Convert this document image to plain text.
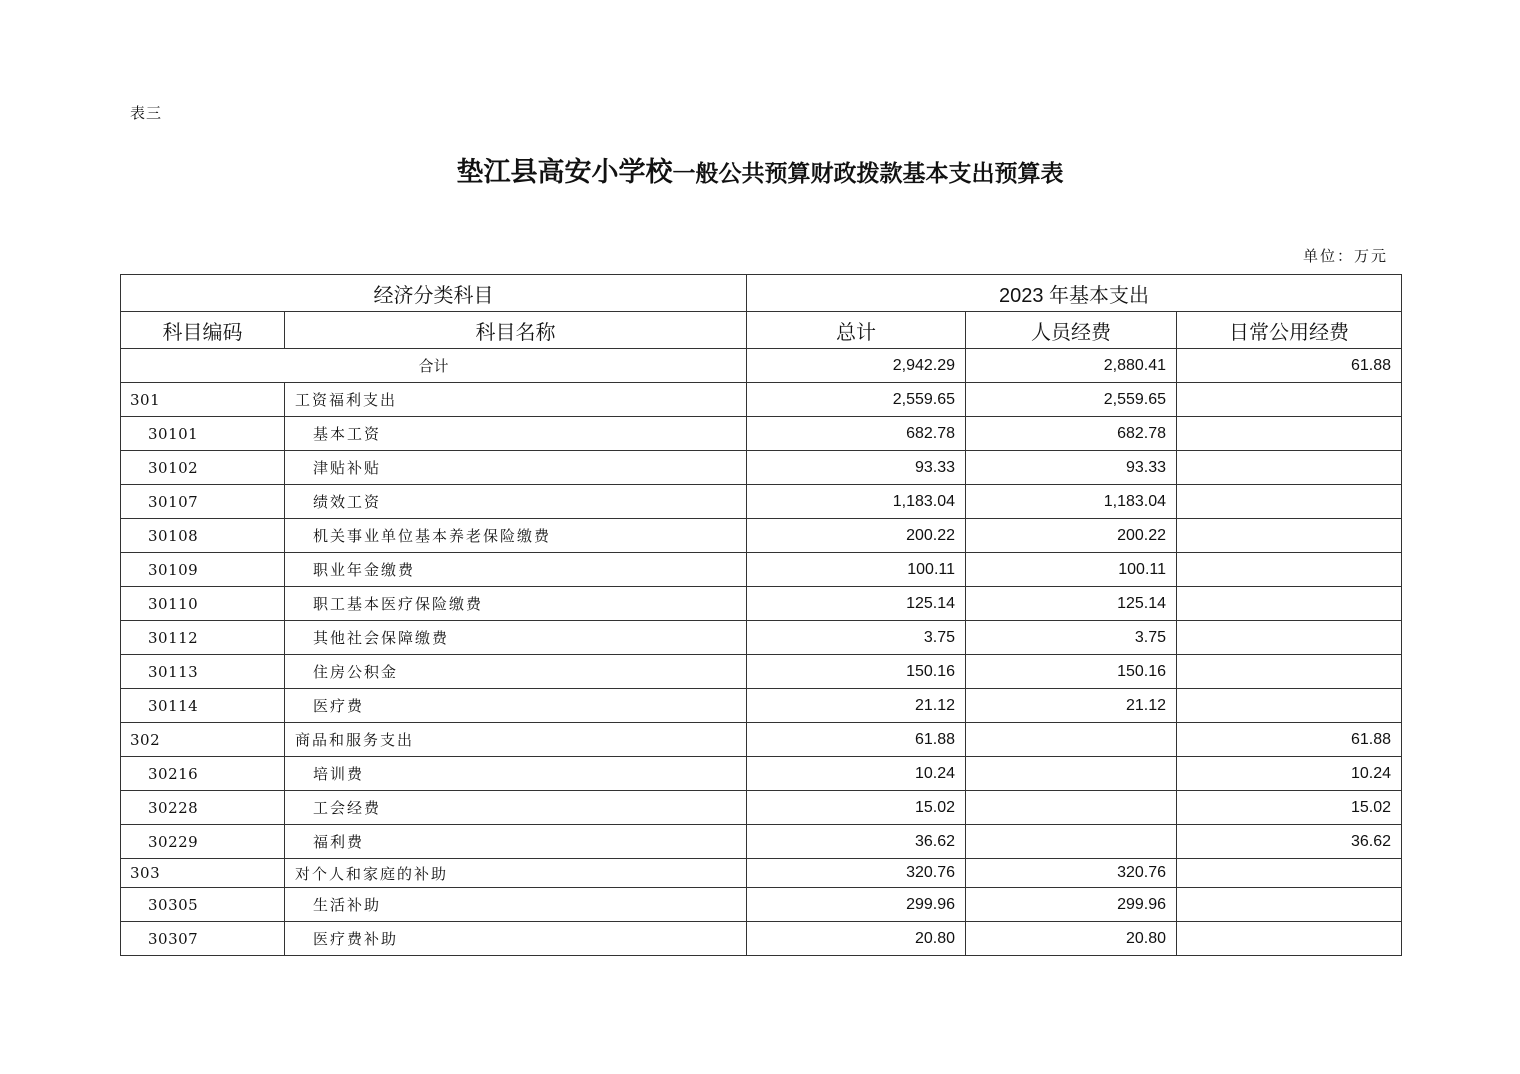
表三
垫江县高安小学校一般公共预算财政拨款基本支出预算表
单位：万元
经济分类科目		2023 年基本支出		
科目编码	科目名称	总计	人员经费	日常公用经费
合计		2,942.29	2,880.41	61.88
301	工资福利支出	2,559.65	2,559.65	
30101	基本工资	682.78	682.78	
30102	津贴补贴	93.33	93.33	
30107	绩效工资	1,183.04	1,183.04	
30108	机关事业单位基本养老保险缴费	200.22	200.22	
30109	职业年金缴费	100.11	100.11	
30110	职工基本医疗保险缴费	125.14	125.14	
30112	其他社会保障缴费	3.75	3.75	
30113	住房公积金	150.16	150.16	
30114	医疗费	21.12	21.12	
302	商品和服务支出	61.88		61.88
30216	培训费	10.24		10.24
30228	工会经费	15.02		15.02
30229	福利费	36.62		36.62
303	对个人和家庭的补助	320.76	320.76	
30305	生活补助	299.96	299.96	
30307	医疗费补助	20.80	20.80	
